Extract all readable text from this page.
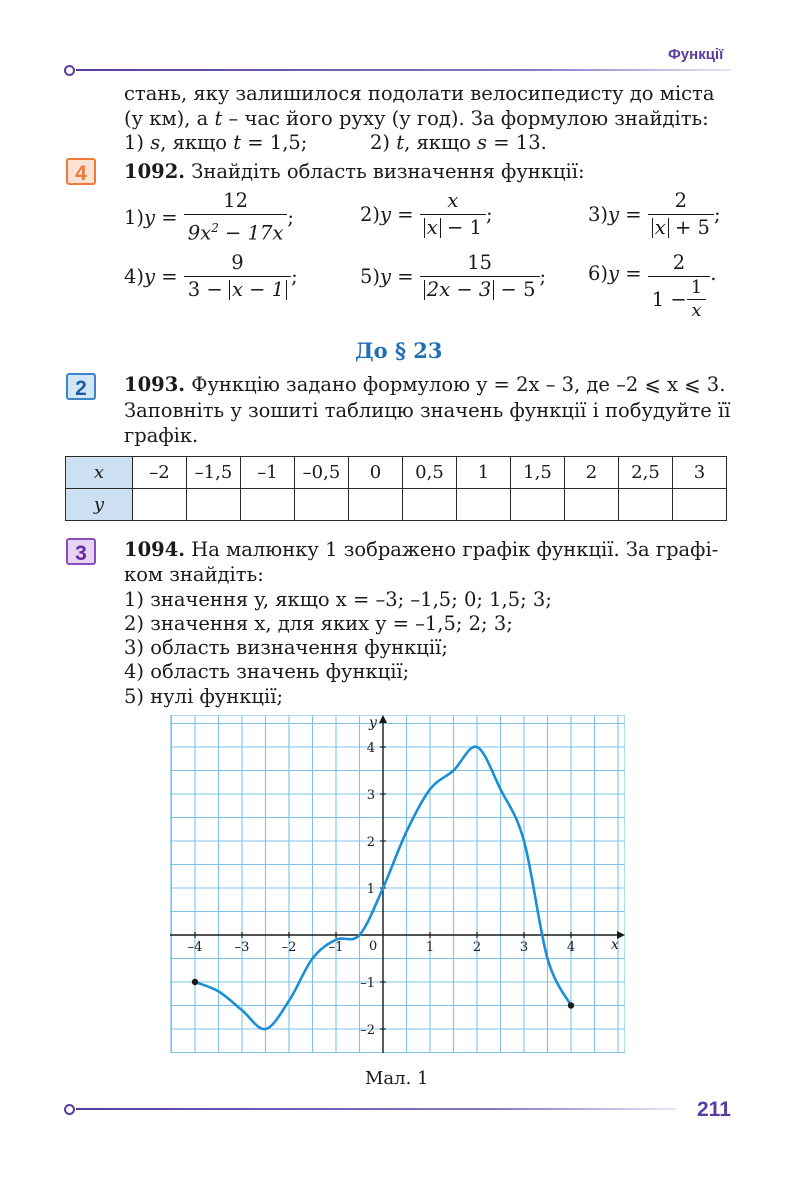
Функції
стань, яку залишилося подолати велосипедисту до міста
(у км), а t – час його руху (у год). За формулою знайдіть:
1) s, якщо t = 1,5;	2) t, якщо s = 13.
4	1092. Знайдіть область визначення функції:
1) $y = \frac{12}{9x^2 - 17x}$ ;	2) $y = \frac{x}{x - 1}$ ;	3) $y = \frac{2}{x + 5}$ ;
4) $y = \frac{9}{3 - x - 1}$ ;	5) $y = \frac{15}{2x - 3 - 5}$ ; 6) $y = \frac{2}{1 - \frac{1}{x}}$ .
До § 23
2	1093. Функцію задано формулою y = 2x – 3, де –2 ⩽ x ⩽ 3.
Заповніть у зошиті таблицю значень функції і побудуйте її
графік.
x	–2	–1,5	–1	–0,5	0	0,5	1	1,5	2	2,5	3
y											
3	1094. На малюнку 1 зображено графік функції. За графі-
ком знайдіть:
1) значення y, якщо x = –3; –1,5; 0; 1,5; 3;
2) значення x, для яких y = –1,5; 2; 3;
3) область визначення функції;
4) область значень функції;
5) нулі функції;
x
y
0
–4 –3 –2 –1	1	2	3	4
4
3
2
1
–1
–2
Мал. 1
211
